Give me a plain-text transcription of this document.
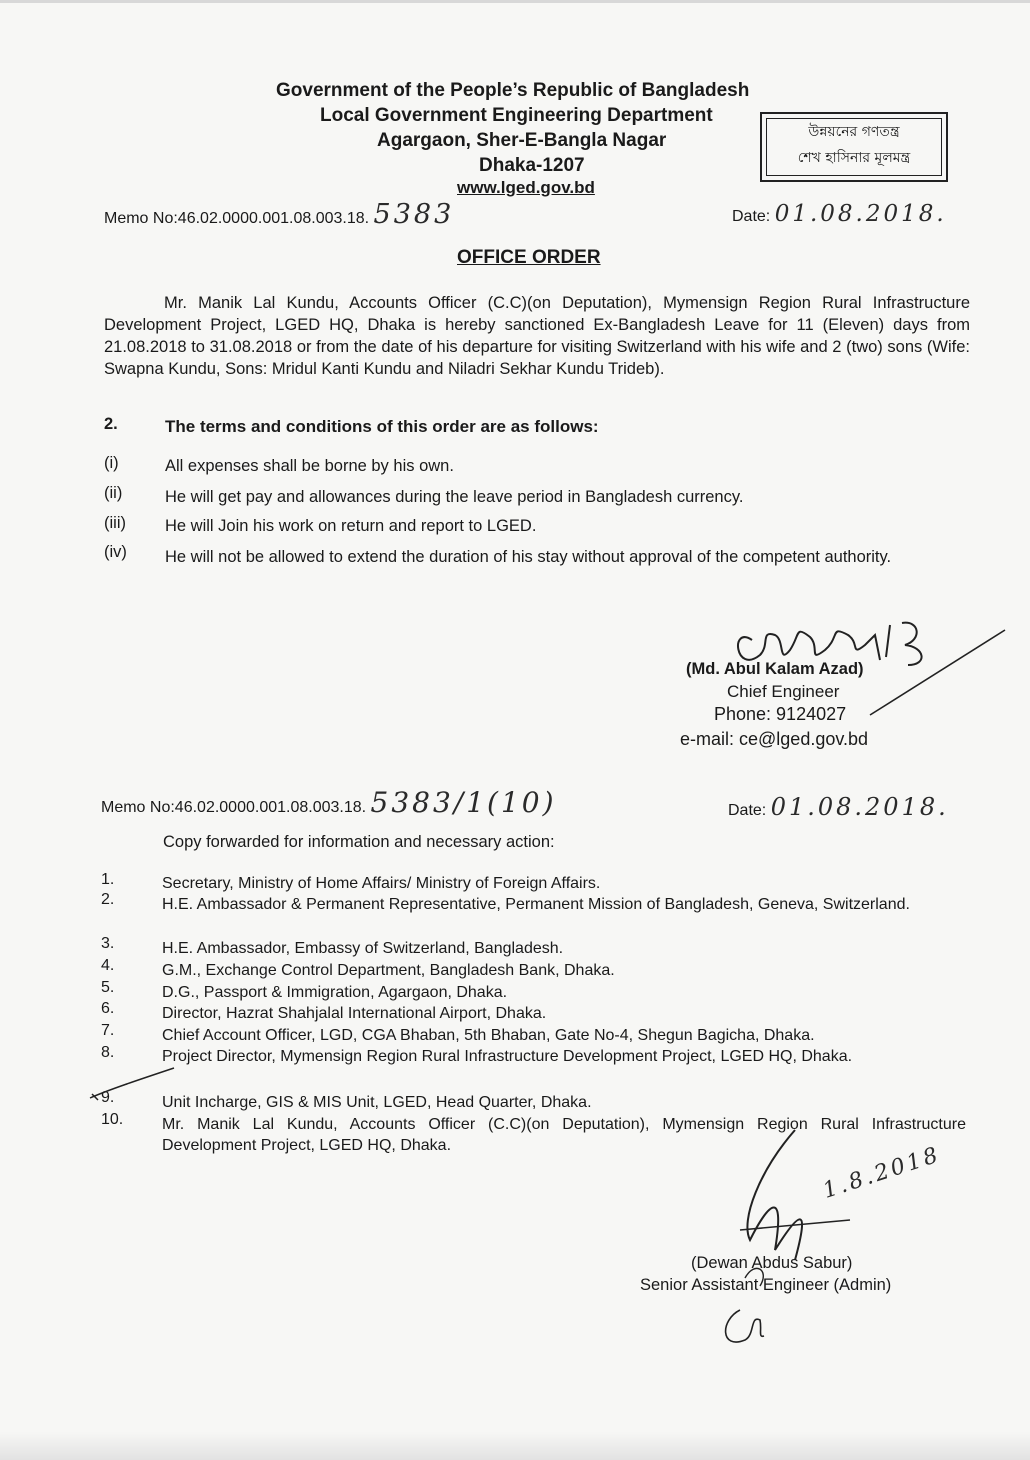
Government of the People’s Republic of Bangladesh
Local Government Engineering Department
Agargaon, Sher-E-Bangla Nagar
Dhaka-1207
www.lged.gov.bd
উন্নয়নের গণতন্ত্র
শেখ হাসিনার মূলমন্ত্র
Memo No:46.02.0000.001.08.003.18. 5383	Date: 01.08.2018.
OFFICE ORDER
Mr. Manik Lal Kundu, Accounts Officer (C.C)(on Deputation), Mymensign Region Rural Infrastructure Development Project, LGED HQ, Dhaka is hereby sanctioned Ex-Bangladesh Leave for 11 (Eleven) days from 21.08.2018 to 31.08.2018 or from the date of his departure for visiting Switzerland with his wife and 2 (two) sons (Wife: Swapna Kundu, Sons: Mridul Kanti Kundu and Niladri Sekhar Kundu Trideb).
2.	The terms and conditions of this order are as follows:
(i)	All expenses shall be borne by his own.
(ii)	He will get pay and allowances during the leave period in Bangladesh currency.
(iii) He will Join his work on return and report to LGED.
(iv) He will not be allowed to extend the duration of his stay without approval of the competent authority.
(Md. Abul Kalam Azad)
Chief Engineer
Phone: 9124027
e-mail: ce@lged.gov.bd
Memo No:46.02.0000.001.08.003.18. 5383/1(10)	Date: 01.08.2018.
Copy forwarded for information and necessary action:
1.	Secretary, Ministry of Home Affairs/ Ministry of Foreign Affairs.
2.	H.E. Ambassador & Permanent Representative, Permanent Mission of Bangladesh, Geneva, Switzerland.
3.	H.E. Ambassador, Embassy of Switzerland, Bangladesh.
4.	G.M., Exchange Control Department, Bangladesh Bank, Dhaka.
5.	D.G., Passport & Immigration, Agargaon, Dhaka.
6.	Director, Hazrat Shahjalal International Airport, Dhaka.
7.	Chief Account Officer, LGD, CGA Bhaban, 5th Bhaban, Gate No-4, Shegun Bagicha, Dhaka.
8.	Project Director, Mymensign Region Rural Infrastructure Development Project, LGED HQ, Dhaka.
9.	Unit Incharge, GIS & MIS Unit, LGED, Head Quarter, Dhaka.
10. Mr. Manik Lal Kundu, Accounts Officer (C.C)(on Deputation), Mymensign Region Rural Infrastructure Development Project, LGED HQ, Dhaka.	1.8.2018
(Dewan Abdus Sabur)
Senior Assistant Engineer (Admin)
